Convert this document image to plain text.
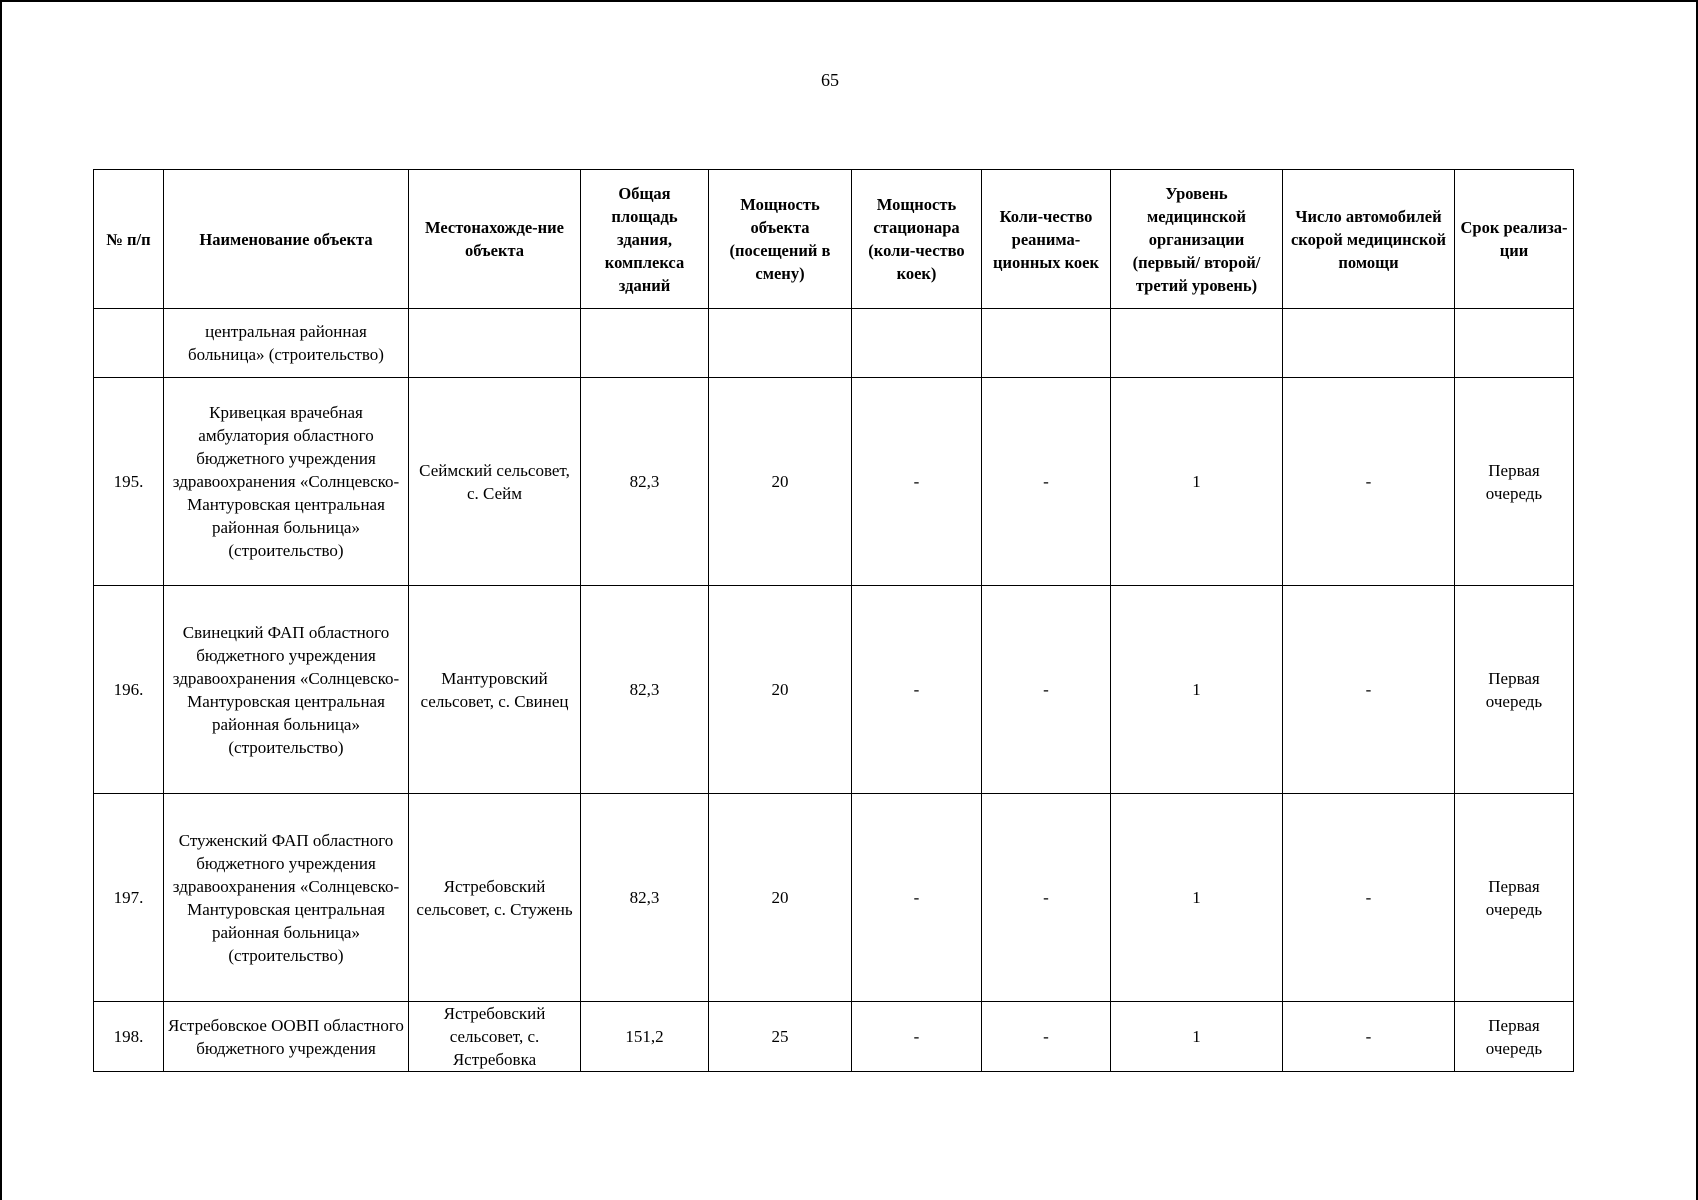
65
№ п/п	Наименование объекта	Местонахожде-ние объекта	Общая площадь здания, комплекса зданий	Мощность объекта (посещений в смену)	Мощность стационара (коли-чество коек)	Коли-чество реанима-ционных коек	Уровень медицинской организации (первый/ второй/ третий уровень)	Число автомобилей скорой медицинской помощи	Срок реализа-ции
	центральная районная больница» (строительство)								
195.	Кривецкая врачебная амбулатория областного бюджетного учреждения здравоохранения «Солнцевско-Мантуровская центральная районная больница» (строительство)	Сеймский сельсовет, с. Сейм	82,3	20	-	-	1	-	Первая очередь
196.	Свинецкий ФАП областного бюджетного учреждения здравоохранения «Солнцевско-Мантуровская центральная районная больница» (строительство)	Мантуровский сельсовет, с. Свинец	82,3	20	-	-	1	-	Первая очередь
197.	Стуженский ФАП областного бюджетного учреждения здравоохранения «Солнцевско-Мантуровская центральная районная больница» (строительство)	Ястребовский сельсовет, с. Стужень	82,3	20	-	-	1	-	Первая очередь
198.	Ястребовское ООВП областного бюджетного учреждения	Ястребовский сельсовет, с. Ястребовка	151,2	25	-	-	1	-	Первая очередь
